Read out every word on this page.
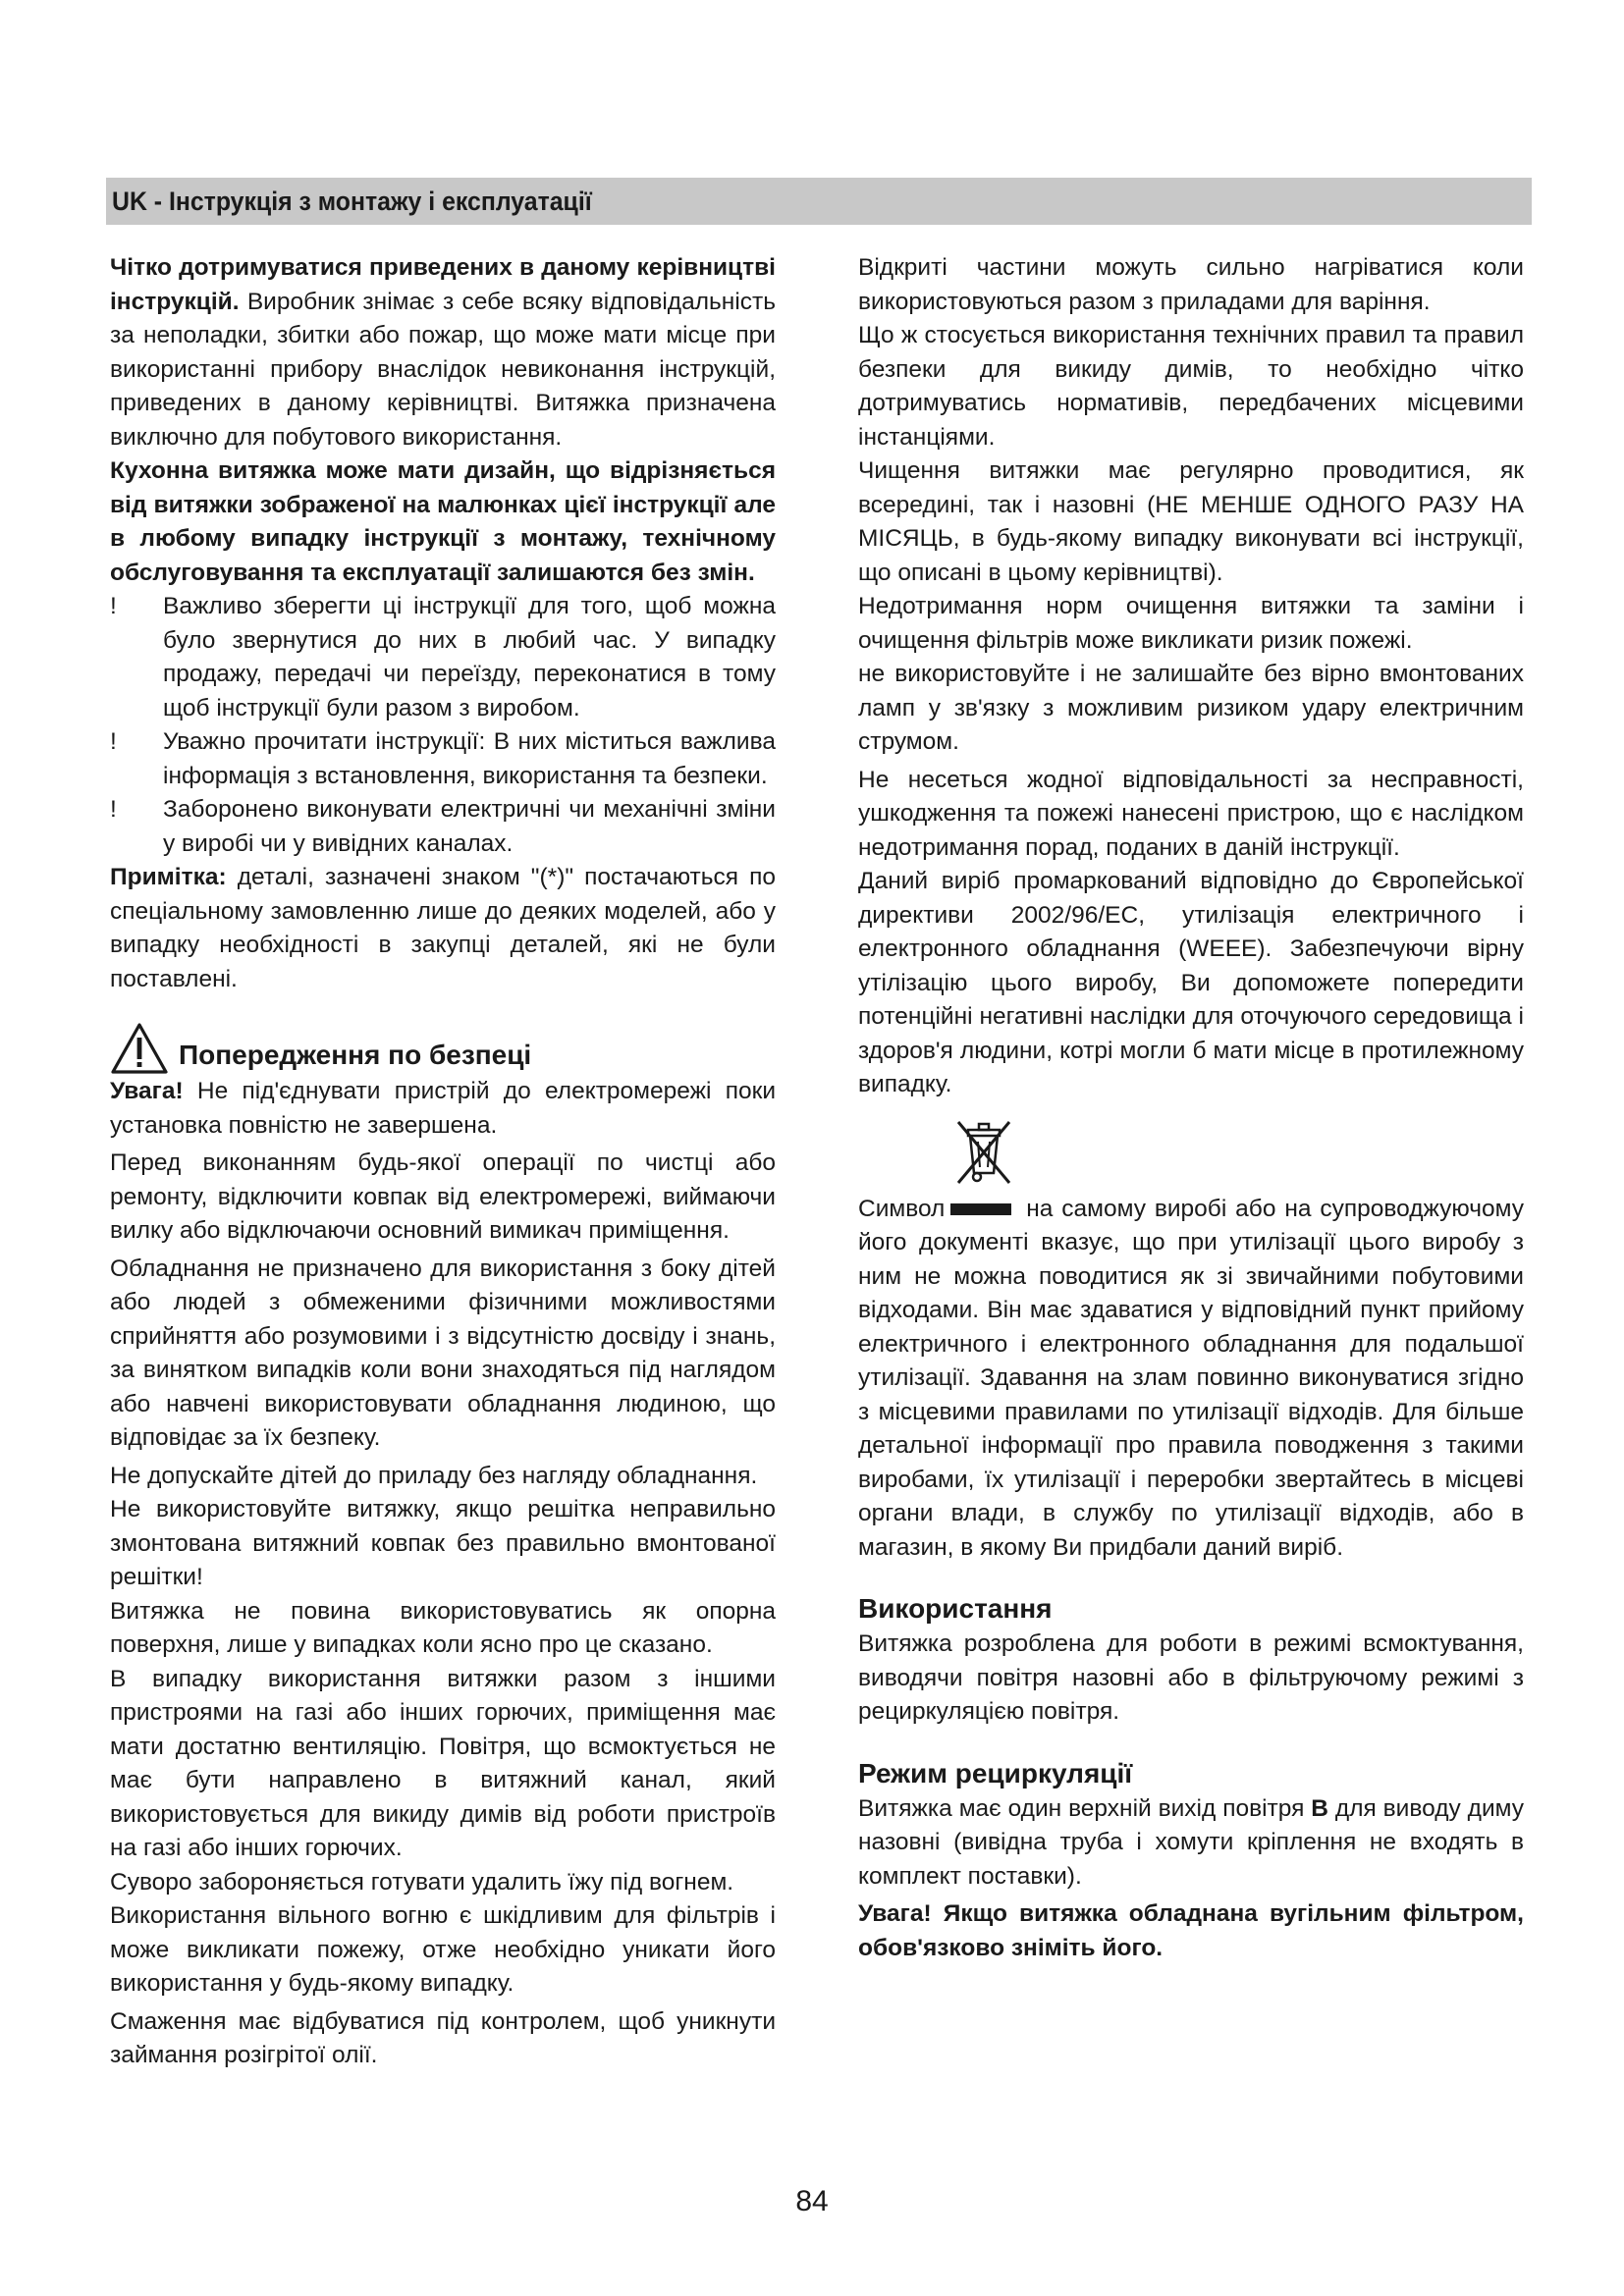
UK - Інструкція з монтажу і експлуатації

Чітко дотримуватися приведених в даному керівництві інструкцій. Виробник знімає з себе всяку відповідальність за неполадки, збитки або пожар, що може мати місце при використанні прибору внаслідок невиконання інструкцій, приведених в даному керівництві. Витяжка призначена виключно для побутового використання.

Кухонна витяжка може мати дизайн, що відрізняється від витяжки зображеної на малюнках цієї інструкції але в любому випадку інструкції з монтажу, технічному обслуговування та експлуатації залишаются без змін.

!	Важливо зберегти ці інструкції для того, щоб можна було звернутися до них в любий час. У випадку продажу, передачі чи переїзду, переконатися в тому щоб інструкції були разом з виробом.
!	Уважно прочитати інструкції: В них міститься важлива інформація з встановлення, використання та безпеки.
!	Заборонено виконувати електричні чи механічні зміни у виробі чи у вивідних каналах.

Примітка: деталі, зазначені знаком "(*)" постачаються по спеціальному замовленню лише до деяких моделей, або у випадку необхідності в закупці деталей, які не були поставлені.

Попередження по безпеці

Увага! Не під'єднувати пристрій до електромережі поки установка повністю не завершена.

Перед виконанням будь-якої операції по чистці або ремонту, відключити ковпак від електромережі, виймаючи вилку або відключаючи основний вимикач приміщення.

Обладнання не призначено для використання з боку дітей або людей з обмеженими фізичними можливостями сприйняття або розумовими і з відсутністю досвіду і знань, за винятком випадків коли вони знаходяться під наглядом або навчені використовувати обладнання людиною, що відповідає за їх безпеку.

Не допускайте дітей до приладу без нагляду обладнання.

Не використовуйте витяжку, якщо решітка неправильно змонтована витяжний ковпак без правильно вмонтованої решітки!

Витяжка не повина використовуватись як опорна поверхня, лише у випадках коли ясно про це сказано.

В випадку використання витяжки разом з іншими пристроями на газі або інших горючих, приміщення має мати достатню вентиляцію. Повітря, що всмоктується не має бути направлено в витяжний канал, який використовується для викиду димів від роботи пристроїв на газі або інших горючих.

Суворо забороняється готувати удалить їжу під вогнем.

Використання вільного вогню є шкідливим для фільтрів і може викликати пожежу, отже необхідно уникати його використання у будь-якому випадку.

Смаження має відбуватися під контролем, щоб уникнути займання розігрітої олії.

Відкриті частини можуть сильно нагріватися коли використовуються разом з приладами для варіння.

Що ж стосується використання технічних правил та правил безпеки для викиду димів, то необхідно чітко дотримуватись нормативів, передбачених місцевими інстанціями.

Чищення витяжки має регулярно проводитися, як всередині, так і назовні (НЕ МЕНШЕ ОДНОГО РАЗУ НА МІСЯЦЬ, в будь-якому випадку виконувати всі інструкції, що описані в цьому керівництві).

Недотримання норм очищення витяжки та заміни і очищення фільтрів може викликати ризик пожежі.

не використовуйте і не залишайте без вірно вмонтованих ламп у зв'язку з можливим ризиком удару електричним струмом.

Не несеться жодної відповідальності за несправності, ушкодження та пожежі нанесені пристрою, що є наслідком недотримання порад, поданих в даній інструкції.

Даний виріб промаркований відповідно до Європейської директиви 2002/96/EC, утилізація електричного і електронного обладнання (WEEE). Забезпечуючи вірну утілізацію цього виробу, Ви допоможете попередити потенційні негативні наслідки для оточуючого середовища і здоров'я людини, котрі могли б мати місце в протилежному випадку.

Символ	на самому виробі або на супроводжуючому його документі вказує, що при утилізації цього виробу з ним не можна поводитися як зі звичайними побутовими відходами. Він має здаватися у відповідний пункт прийому електричного і електронного обладнання для подальшої утилізації. Здавання на злам повинно виконуватися згідно з місцевими правилами по утилізації відходів. Для більше детальної інформації про правила поводження з такими виробами, їх утилізації і переробки звертайтесь в місцеві органи влади, в службу по утилізації відходів, або в магазин, в якому Ви придбали даний виріб.

Використання

Витяжка розроблена для роботи в режимі всмоктування, виводячи повітря назовні або в фільтруючому режимі з рециркуляцією повітря.

Режим рециркуляції

Витяжка має один верхній вихід повітря B для виводу диму назовні (вивідна труба і хомути кріплення не входять в комплект поставки).

Увага! Якщо витяжка обладнана вугільним фільтром, обов'язково зніміть його.

84
